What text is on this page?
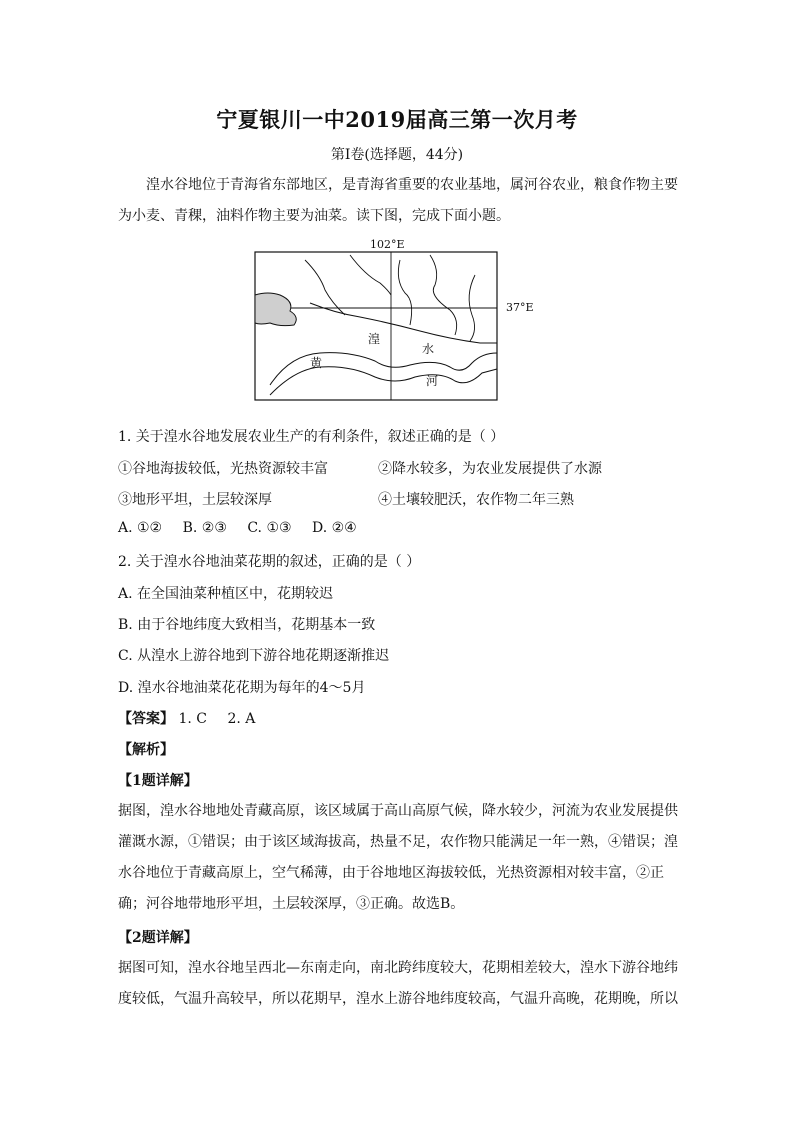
宁夏银川一中2019届高三第一次月考
第Ⅰ卷(选择题，44分)

湟水谷地位于青海省东部地区，是青海省重要的农业基地，属河谷农业，粮食作物主要为小麦、青稞，油料作物主要为油菜。读下图，完成下面小题。

102°E
37°E
湟
水
河
黄
1. 关于湟水谷地发展农业生产的有利条件，叙述正确的是（ ）
①谷地海拔较低，光热资源较丰富	②降水较多，为农业发展提供了水源
③地形平坦，土层较深厚	④土壤较肥沃，农作物二年三熟
A. ①② B. ②③ C. ①③ D. ②④
2. 关于湟水谷地油菜花期的叙述，正确的是（ ）
A. 在全国油菜种植区中，花期较迟
B. 由于谷地纬度大致相当，花期基本一致
C. 从湟水上游谷地到下游谷地花期逐渐推迟
D. 湟水谷地油菜花花期为每年的4～5月
【答案】 1. C 2. A
【解析】
【1题详解】

据图，湟水谷地地处青藏高原，该区域属于高山高原气候，降水较少，河流为农业发展提供灌溉水源，①错误；由于该区域海拔高，热量不足，农作物只能满足一年一熟，④错误；湟水谷地位于青藏高原上，空气稀薄，由于谷地地区海拔较低，光热资源相对较丰富，②正确；河谷地带地形平坦，土层较深厚，③正确。故选B。

【2题详解】

据图可知，湟水谷地呈西北—东南走向，南北跨纬度较大，花期相差较大，湟水下游谷地纬度较低，气温升高较早，所以花期早，湟水上游谷地纬度较高，气温升高晚，花期晚，所以
